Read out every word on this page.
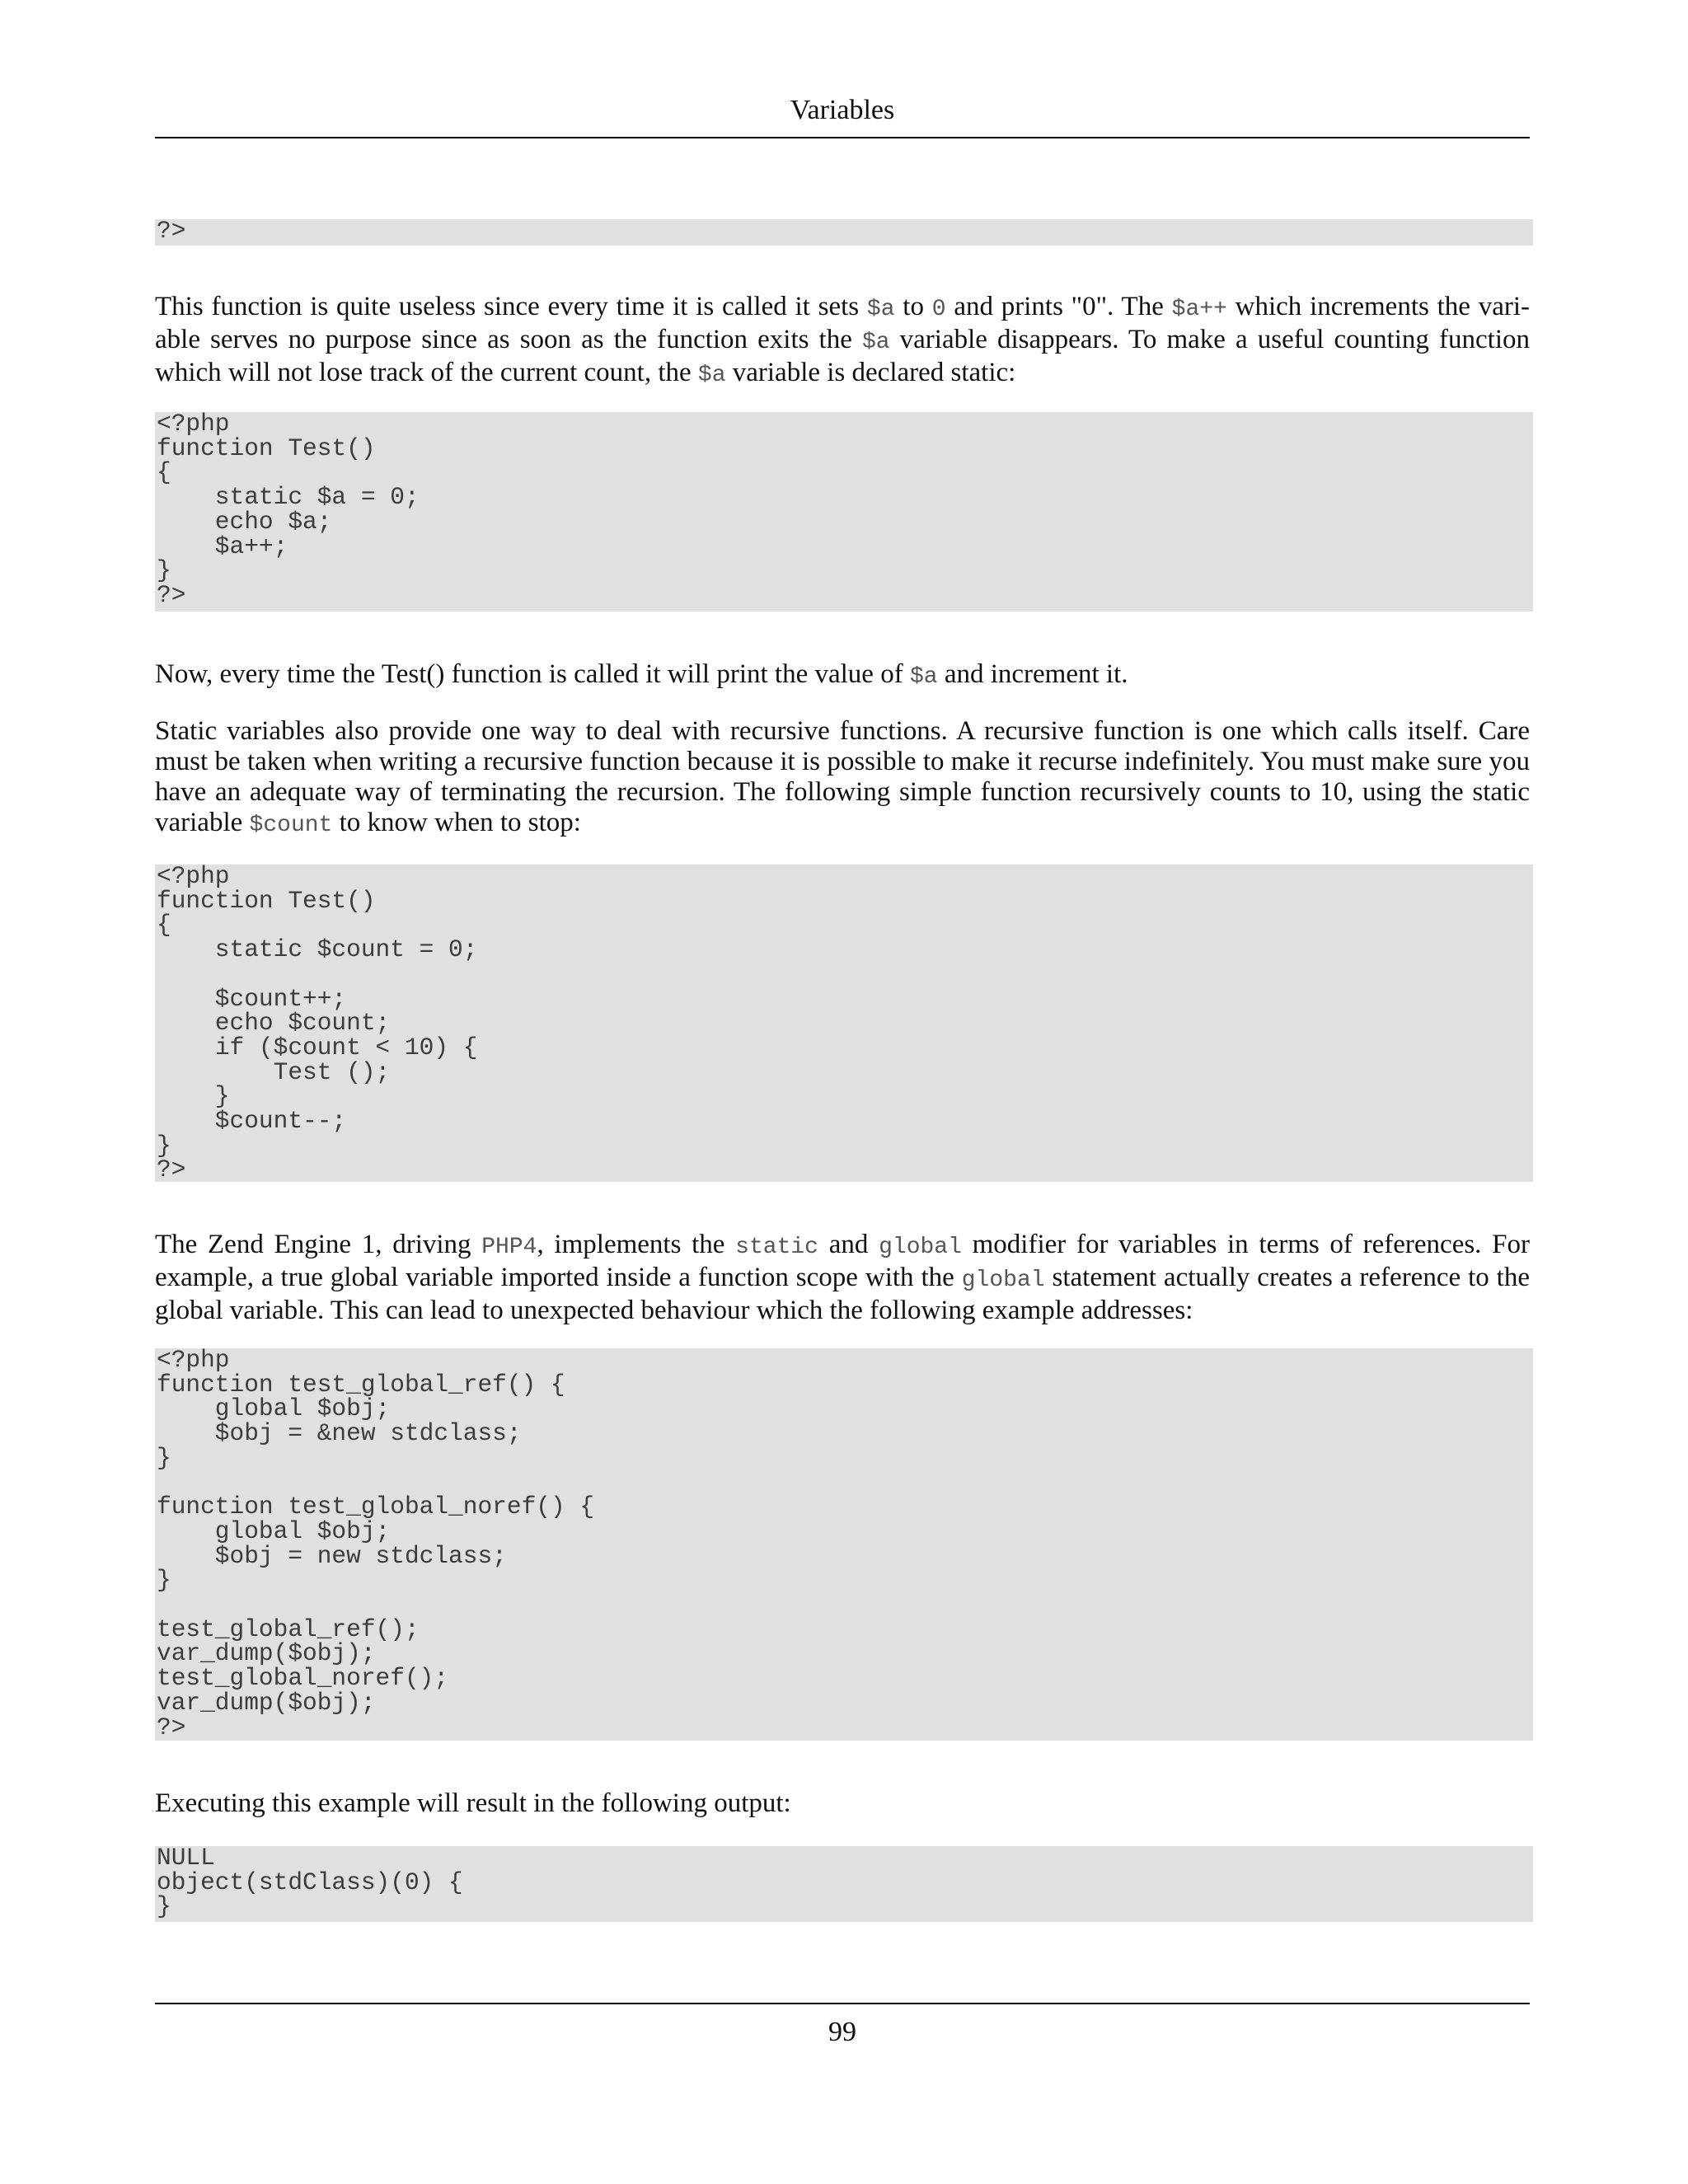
Variables
?>

This function is quite useless since every time it is called it sets $a to 0 and prints "0". The $a++ which increments the variable serves no purpose since as soon as the function exits the $a variable disappears. To make a useful counting function which will not lose track of the current count, the $a variable is declared static:

<?php
function Test()
{
static $a = 0;
echo $a;
$a++;
}
?>

Now, every time the Test() function is called it will print the value of $a and increment it.

Static variables also provide one way to deal with recursive functions. A recursive function is one which calls itself. Care must be taken when writing a recursive function because it is possible to make it recurse indefinitely. You must make sure you have an adequate way of terminating the recursion. The following simple function recursively counts to 10, using the static variable $count to know when to stop:

<?php
function Test()
{
static $count = 0;

$count++;
echo $count;
if ($count < 10) {
Test ();
}
$count--;
}
?>

The Zend Engine 1, driving PHP4, implements the static and global modifier for variables in terms of references. For example, a true global variable imported inside a function scope with the global statement actually creates a reference to the global variable. This can lead to unexpected behaviour which the following example addresses:

<?php
function test_global_ref() {
global $obj;
$obj = &new stdclass;
}

function test_global_noref() {
global $obj;
$obj = new stdclass;
}

test_global_ref();
var_dump($obj);
test_global_noref();
var_dump($obj);
?>

Executing this example will result in the following output:

NULL
object(stdClass)(0) {
}
99
